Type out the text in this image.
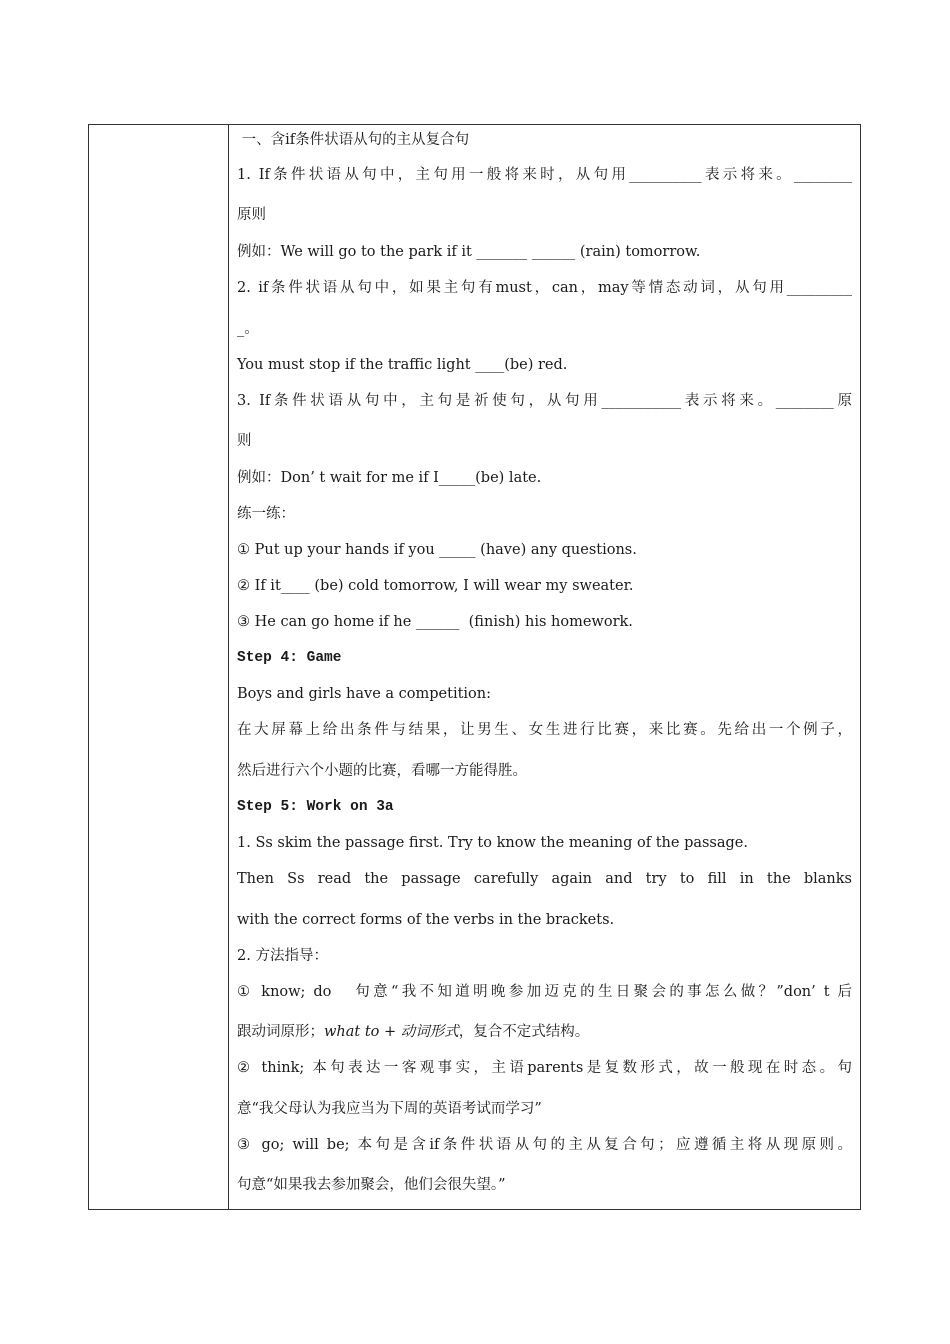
一、含if条件状语从句的主从复合句
1. If条件状语从句中，主句用一般将来时，从句用__________表示将来。________
原则
例如：We will go to the park if it _______ ______ (rain) tomorrow.
2. if条件状语从句中，如果主句有must，can，may等情态动词，从句用_________
_。
You must stop if the traffic light ____(be) red.
3. If条件状语从句中，主句是祈使句，从句用___________表示将来。________原
则
例如：Don’ t wait for me if I_____(be) late.
练一练：
① Put up your hands if you _____ (have) any questions.
② If it____ (be) cold tomorrow, I will wear my sweater.
③ He can go home if he ______  (finish) his homework.
Step 4: Game
Boys and girls have a competition:
在大屏幕上给出条件与结果，让男生、女生进行比赛，来比赛。先给出一个例子，
然后进行六个小题的比赛，看哪一方能得胜。
Step 5: Work on 3a
1. Ss skim the passage first. Try to know the meaning of the passage.
Then Ss read the passage carefully again and try to fill in the blanks
with the correct forms of the verbs in the brackets.
2. 方法指导：
① know; do   句意“我不知道明晚参加迈克的生日聚会的事怎么做？”don’ t 后
跟动词原形；what to + 动词形式，复合不定式结构。
② think; 本句表达一客观事实，主语parents是复数形式，故一般现在时态。句
意“我父母认为我应当为下周的英语考试而学习”
③ go; will be; 本句是含if条件状语从句的主从复合句；应遵循主将从现原则。
句意“如果我去参加聚会，他们会很失望。”
